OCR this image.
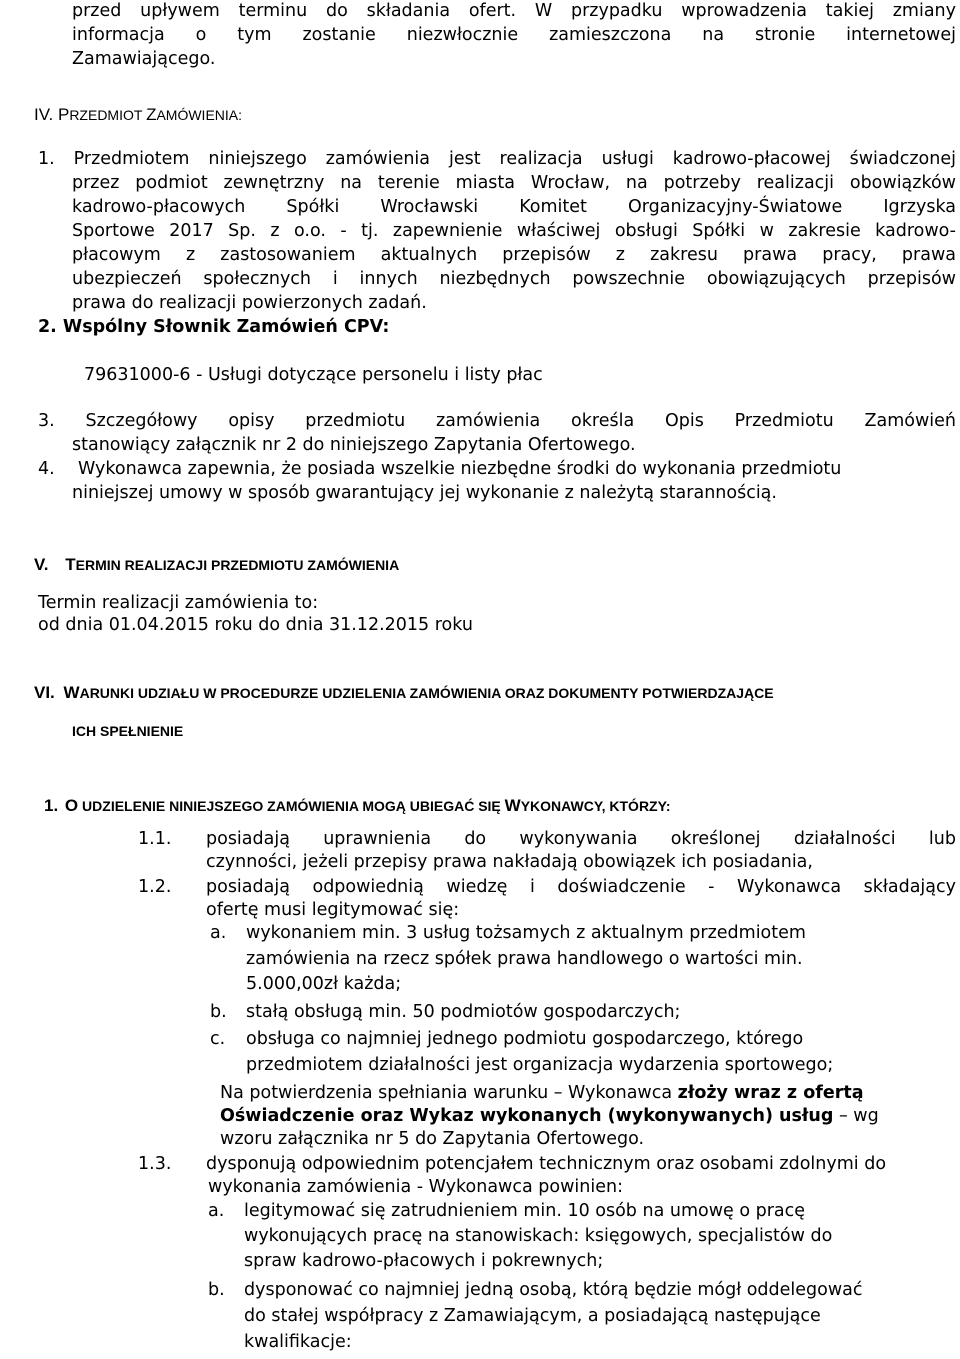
przed upływem terminu do składania ofert. W przypadku wprowadzenia takiej zmiany
informacja o tym zostanie niezwłocznie zamieszczona na stronie internetowej
Zamawiającego.
IV. PRZEDMIOT ZAMÓWIENIA:
1. Przedmiotem niniejszego zamówienia jest realizacja usługi kadrowo-płacowej świadczonej
przez podmiot zewnętrzny na terenie miasta Wrocław, na potrzeby realizacji obowiązków
kadrowo-płacowych Spółki Wrocławski Komitet Organizacyjny-Światowe Igrzyska
Sportowe 2017 Sp. z o.o. - tj. zapewnienie właściwej obsługi Spółki w zakresie kadrowo-
płacowym z zastosowaniem aktualnych przepisów z zakresu prawa pracy, prawa
ubezpieczeń społecznych i innych niezbędnych powszechnie obowiązujących przepisów
prawa do realizacji powierzonych zadań.
2. Wspólny Słownik Zamówień CPV:
79631000-6 - Usługi dotyczące personelu i listy płac
3. Szczegółowy opisy przedmiotu zamówienia określa Opis Przedmiotu Zamówień
stanowiący załącznik nr 2 do niniejszego Zapytania Ofertowego.
4. Wykonawca zapewnia, że posiada wszelkie niezbędne środki do wykonania przedmiotu
niniejszej umowy w sposób gwarantujący jej wykonanie z należytą starannością.
V. TERMIN REALIZACJI PRZEDMIOTU ZAMÓWIENIA
Termin realizacji zamówienia to:
od dnia 01.04.2015 roku do dnia 31.12.2015 roku
VI. WARUNKI UDZIAŁU W PROCEDURZE UDZIELENIA ZAMÓWIENIA ORAZ DOKUMENTY POTWIERDZAJĄCE
ICH SPEŁNIENIE
1. O UDZIELENIE NINIEJSZEGO ZAMÓWIENIA MOGĄ UBIEGAĆ SIĘ WYKONAWCY, KTÓRZY:
1.1. posiadają uprawnienia do wykonywania określonej działalności lub
czynności, jeżeli przepisy prawa nakładają obowiązek ich posiadania,
1.2. posiadają odpowiednią wiedzę i doświadczenie - Wykonawca składający
ofertę musi legitymować się:
a. wykonaniem min. 3 usług tożsamych z aktualnym przedmiotem
zamówienia na rzecz spółek prawa handlowego o wartości min.
5.000,00zł każda;
b. stałą obsługą min. 50 podmiotów gospodarczych;
c. obsługa co najmniej jednego podmiotu gospodarczego, którego
przedmiotem działalności jest organizacja wydarzenia sportowego;
Na potwierdzenia spełniania warunku – Wykonawca złoży wraz z ofertą
Oświadczenie oraz Wykaz wykonanych (wykonywanych) usług – wg
wzoru załącznika nr 5 do Zapytania Ofertowego.
1.3. dysponują odpowiednim potencjałem technicznym oraz osobami zdolnymi do
wykonania zamówienia - Wykonawca powinien:
a. legitymować się zatrudnieniem min. 10 osób na umowę o pracę
wykonujących pracę na stanowiskach: księgowych, specjalistów do
spraw kadrowo-płacowych i pokrewnych;
b. dysponować co najmniej jedną osobą, którą będzie mógł oddelegować
do stałej współpracy z Zamawiającym, a posiadającą następujące
kwalifikacje:
